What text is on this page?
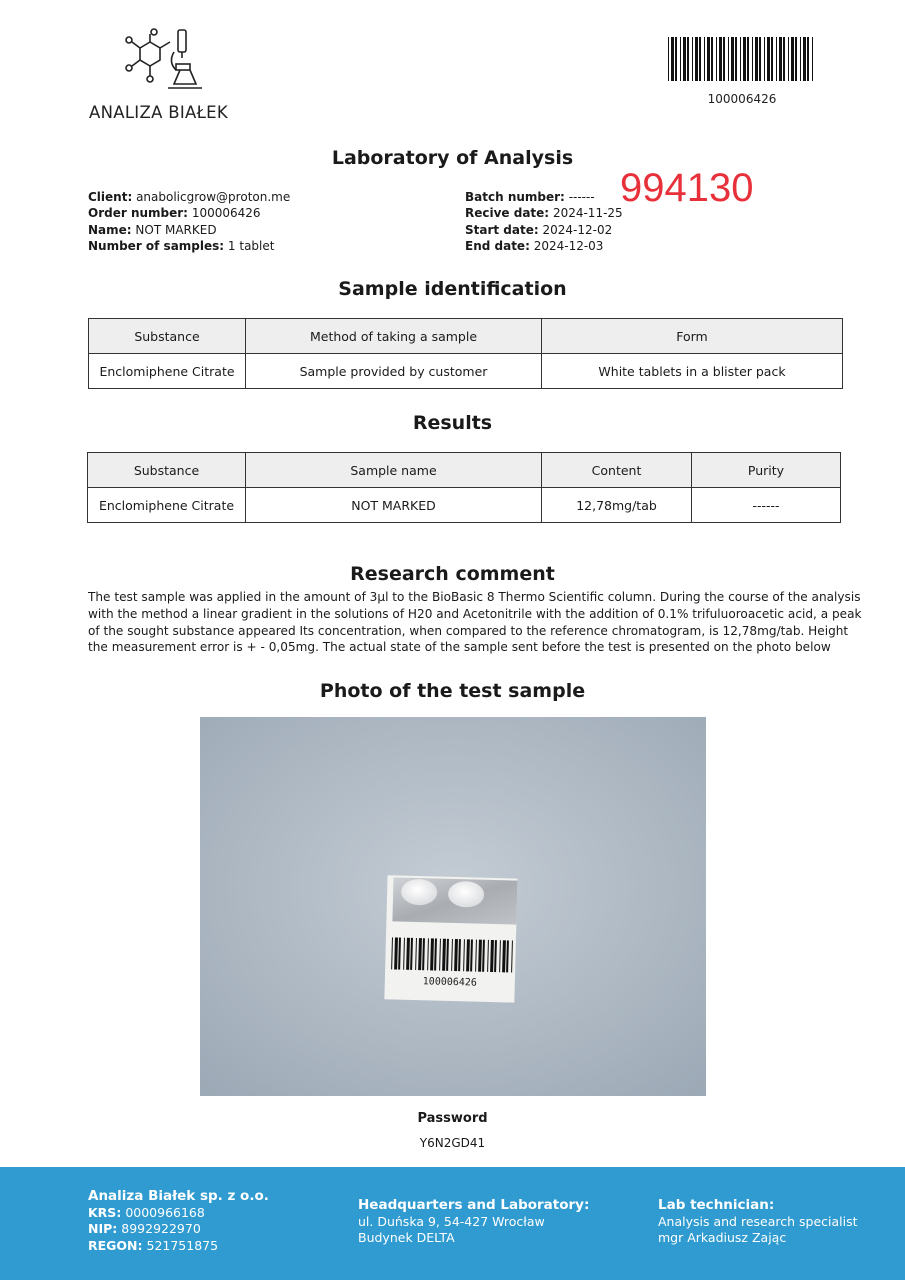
ANALIZA BIAŁEK
100006426
Laboratory of Analysis
Client: anabolicgrow@proton.me
Order number: 100006426
Name: NOT MARKED
Number of samples: 1 tablet
Batch number: ------
Recive date: 2024-11-25
Start date: 2024-12-02
End date: 2024-12-03
994130
Sample identification
Substance	Method of taking a sample	Form
Enclomiphene Citrate	Sample provided by customer	White tablets in a blister pack
Results
Substance	Sample name	Content	Purity
Enclomiphene Citrate	NOT MARKED	12,78mg/tab	------
Research comment
The test sample was applied in the amount of 3µl to the BioBasic 8 Thermo Scientific column. During the course of the analysis with the method a linear gradient in the solutions of H20 and Acetonitrile with the addition of 0.1% trifuluoroacetic acid, a peak of the sought substance appeared Its concentration, when compared to the reference chromatogram, is 12,78mg/tab. Height the measurement error is + - 0,05mg. The actual state of the sample sent before the test is presented on the photo below
Photo of the test sample
100006426
Password
Y6N2GD41
Analiza Białek sp. z o.o.
KRS: 0000966168
NIP: 8992922970
REGON: 521751875
Headquarters and Laboratory:
ul. Duńska 9, 54-427 Wrocław
Budynek DELTA
Lab technician:
Analysis and research specialist
mgr Arkadiusz Zając
